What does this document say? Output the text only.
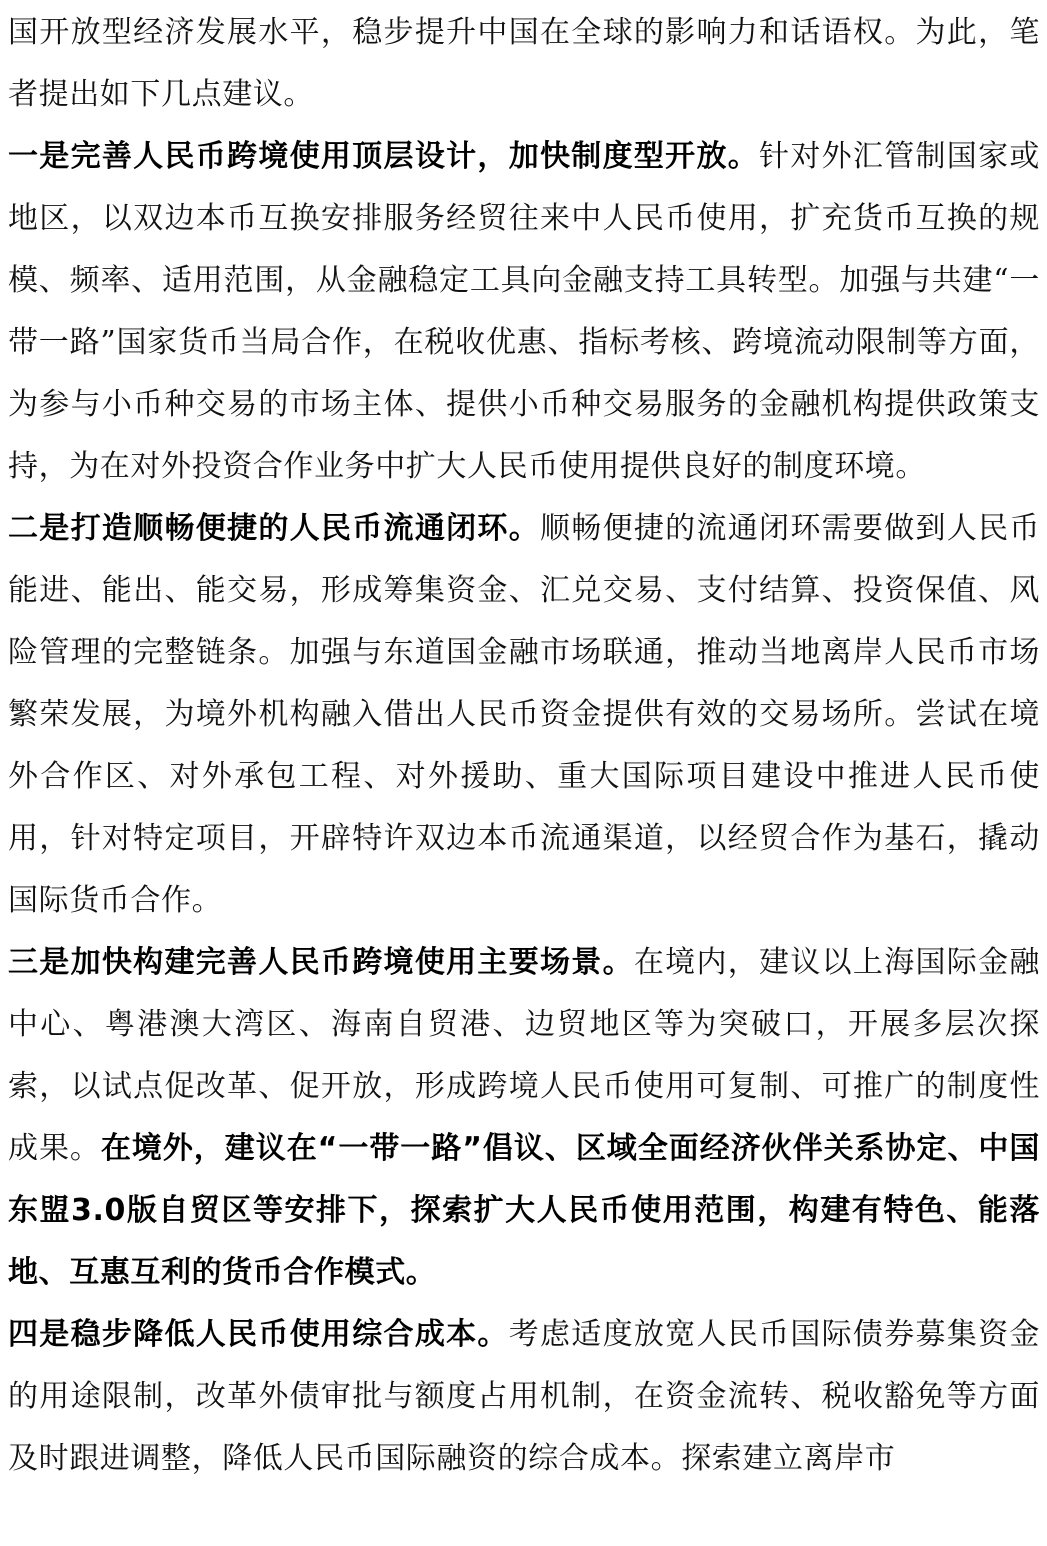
国开放型经济发展水平，稳步提升中国在全球的影响力和话语权。为此，笔者提出如下几点建议。

一是完善人民币跨境使用顶层设计，加快制度型开放。针对外汇管制国家或地区，以双边本币互换安排服务经贸往来中人民币使用，扩充货币互换的规模、频率、适用范围，从金融稳定工具向金融支持工具转型。加强与共建“一带一路”国家货币当局合作，在税收优惠、指标考核、跨境流动限制等方面，为参与小币种交易的市场主体、提供小币种交易服务的金融机构提供政策支持，为在对外投资合作业务中扩大人民币使用提供良好的制度环境。

二是打造顺畅便捷的人民币流通闭环。顺畅便捷的流通闭环需要做到人民币能进、能出、能交易，形成筹集资金、汇兑交易、支付结算、投资保值、风险管理的完整链条。加强与东道国金融市场联通，推动当地离岸人民币市场繁荣发展，为境外机构融入借出人民币资金提供有效的交易场所。尝试在境外合作区、对外承包工程、对外援助、重大国际项目建设中推进人民币使用，针对特定项目，开辟特许双边本币流通渠道，以经贸合作为基石，撬动国际货币合作。

三是加快构建完善人民币跨境使用主要场景。在境内，建议以上海国际金融中心、粤港澳大湾区、海南自贸港、边贸地区等为突破口，开展多层次探索，以试点促改革、促开放，形成跨境人民币使用可复制、可推广的制度性成果。在境外，建议在“一带一路”倡议、区域全面经济伙伴关系协定、中国东盟3.0版自贸区等安排下，探索扩大人民币使用范围，构建有特色、能落地、互惠互利的货币合作模式。

四是稳步降低人民币使用综合成本。考虑适度放宽人民币国际债券募集资金的用途限制，改革外债审批与额度占用机制，在资金流转、税收豁免等方面及时跟进调整，降低人民币国际融资的综合成本。探索建立离岸市
